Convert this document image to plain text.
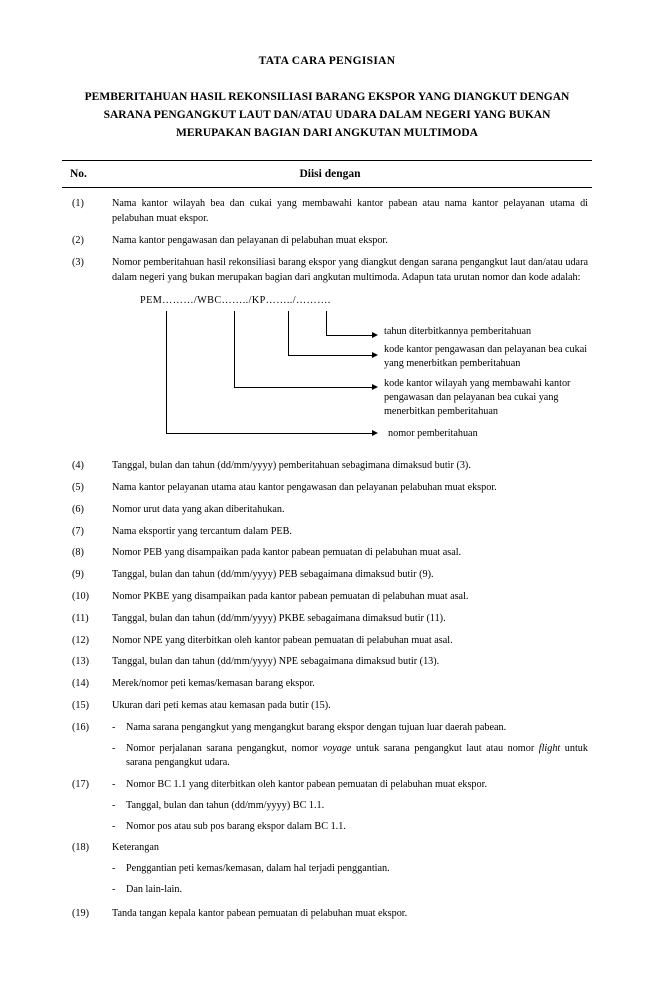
TATA CARA PENGISIAN
PEMBERITAHUAN HASIL REKONSILIASI BARANG EKSPOR YANG DIANGKUT DENGAN SARANA PENGANGKUT LAUT DAN/ATAU UDARA DALAM NEGERI YANG BUKAN MERUPAKAN BAGIAN DARI ANGKUTAN MULTIMODA
No.	Diisi dengan
(1)	Nama kantor wilayah bea dan cukai yang membawahi kantor pabean atau nama kantor pelayanan utama di pelabuhan muat ekspor.
(2)	Nama kantor pengawasan dan pelayanan di pelabuhan muat ekspor.
(3)	Nomor pemberitahuan hasil rekonsiliasi barang ekspor yang diangkut dengan sarana pengangkut laut dan/atau udara dalam negeri yang bukan merupakan bagian dari angkutan multimoda. Adapun tata urutan nomor dan kode adalah:
PEM………/WBC……../KP……../……….
tahun diterbitkannya pemberitahuan
kode kantor pengawasan dan pelayanan bea cukai yang menerbitkan pemberitahuan
kode kantor wilayah yang membawahi kantor pengawasan dan pelayanan bea cukai yang menerbitkan pemberitahuan
nomor pemberitahuan
(4)	Tanggal, bulan dan tahun (dd/mm/yyyy) pemberitahuan sebagimana dimaksud butir (3).
(5)	Nama kantor pelayanan utama atau kantor pengawasan dan pelayanan pelabuhan muat ekspor.
(6)	Nomor urut data yang akan diberitahukan.
(7)	Nama eksportir yang tercantum dalam PEB.
(8)	Nomor PEB yang disampaikan pada kantor pabean pemuatan di pelabuhan muat asal.
(9)	Tanggal, bulan dan tahun (dd/mm/yyyy) PEB sebagaimana dimaksud butir (9).
(10)	Nomor PKBE yang disampaikan pada kantor pabean pemuatan di pelabuhan muat asal.
(11)	Tanggal, bulan dan tahun (dd/mm/yyyy) PKBE sebagaimana dimaksud butir (11).
(12)	Nomor NPE yang diterbitkan oleh kantor pabean pemuatan di pelabuhan muat asal.
(13)	Tanggal, bulan dan tahun (dd/mm/yyyy) NPE sebagaimana dimaksud butir (13).
(14)	Merek/nomor peti kemas/kemasan barang ekspor.
(15)	Ukuran dari peti kemas atau kemasan pada butir (15).
(16)	-	Nama sarana pengangkut yang mengangkut barang ekspor dengan tujuan luar daerah pabean.
-	Nomor perjalanan sarana pengangkut, nomor voyage untuk sarana pengangkut laut atau nomor flight untuk sarana pengangkut udara.
(17)	-	Nomor BC 1.1 yang diterbitkan oleh kantor pabean pemuatan di pelabuhan muat ekspor.
-	Tanggal, bulan dan tahun (dd/mm/yyyy) BC 1.1.
-	Nomor pos atau sub pos barang ekspor dalam BC 1.1.
(18)	Keterangan
-	Penggantian peti kemas/kemasan, dalam hal terjadi penggantian.
-	Dan lain-lain.
(19)	Tanda tangan kepala kantor pabean pemuatan di pelabuhan muat ekspor.
